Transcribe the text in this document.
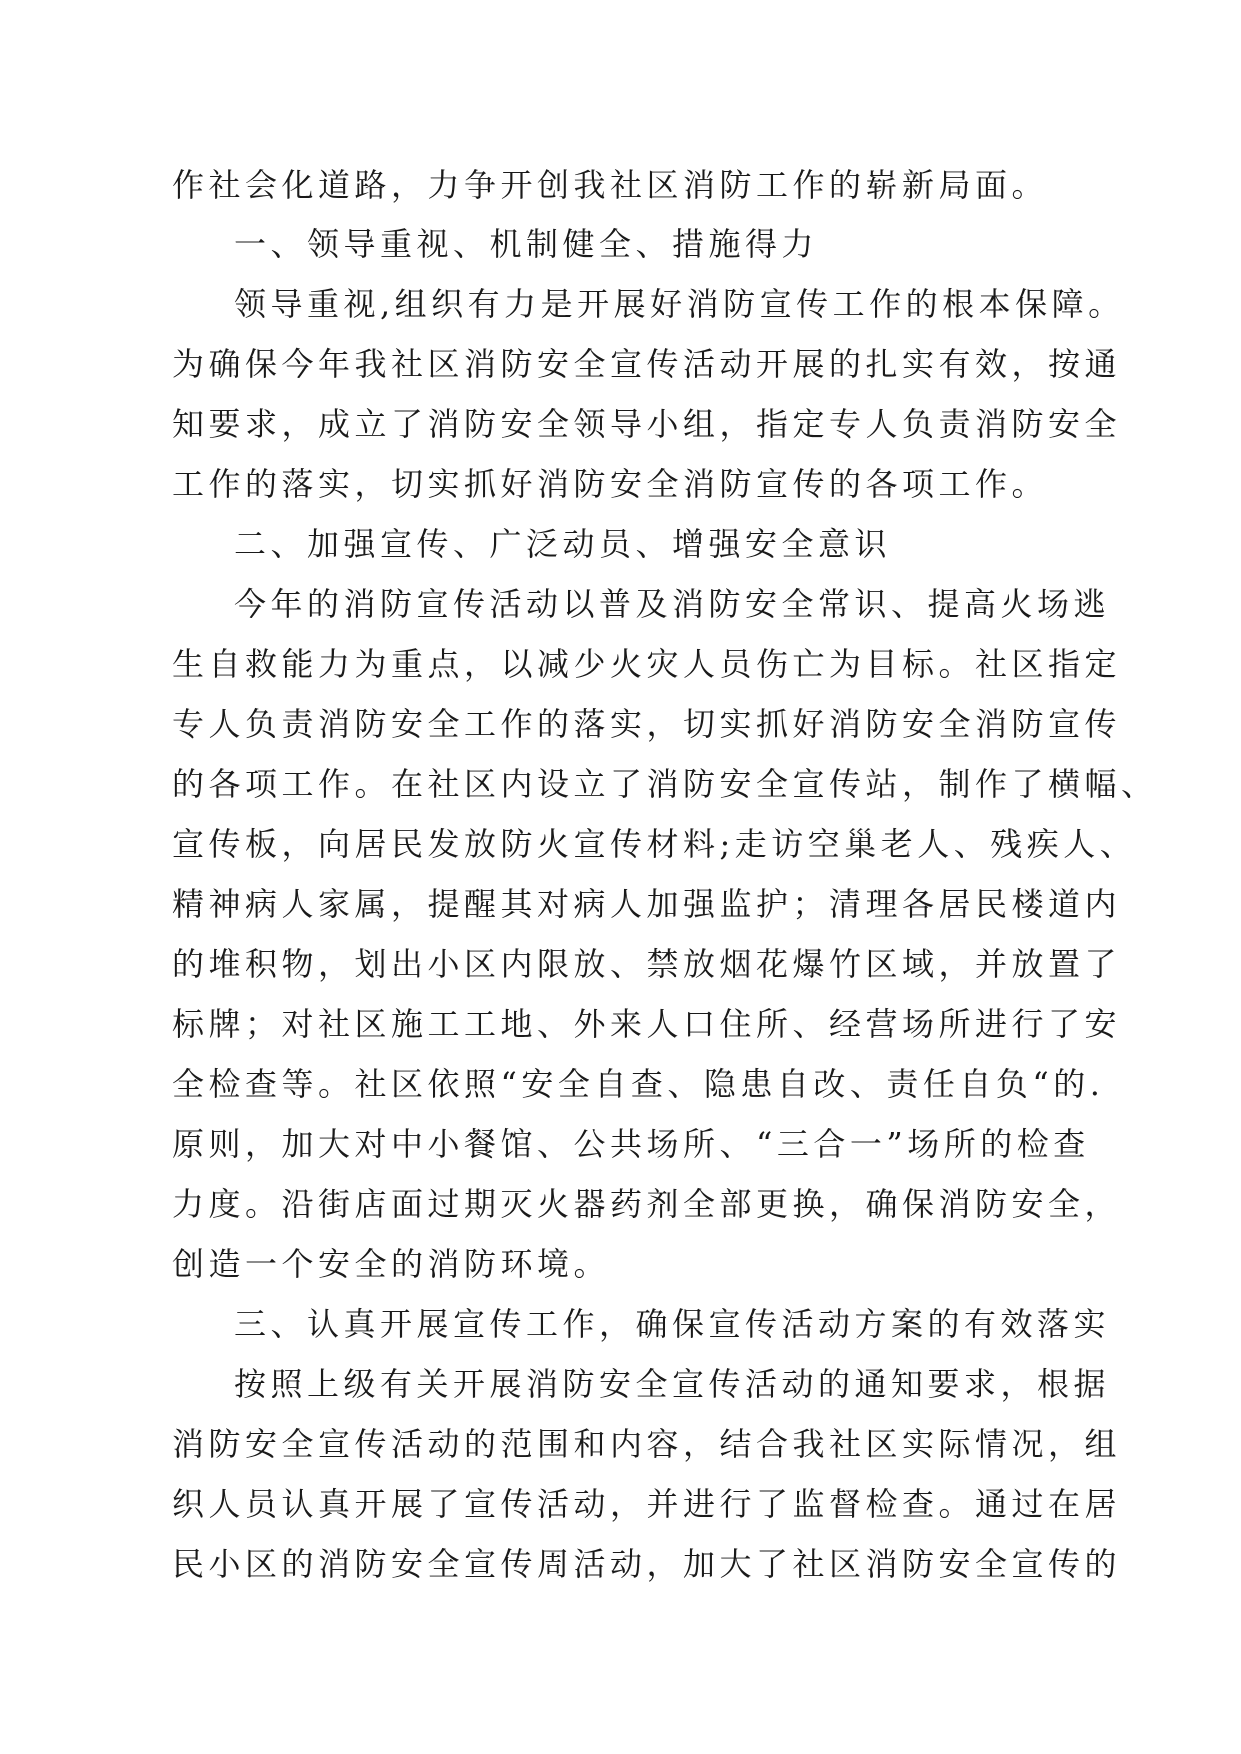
作社会化道路，力争开创我社区消防工作的崭新局面。
一、领导重视、机制健全、措施得力
领导重视,组织有力是开展好消防宣传工作的根本保障。
为确保今年我社区消防安全宣传活动开展的扎实有效，按通
知要求，成立了消防安全领导小组，指定专人负责消防安全
工作的落实，切实抓好消防安全消防宣传的各项工作。
二、加强宣传、广泛动员、增强安全意识
今年的消防宣传活动以普及消防安全常识、提高火场逃
生自救能力为重点，以减少火灾人员伤亡为目标。社区指定
专人负责消防安全工作的落实，切实抓好消防安全消防宣传
的各项工作。在社区内设立了消防安全宣传站，制作了横幅、
宣传板，向居民发放防火宣传材料;走访空巢老人、残疾人、
精神病人家属，提醒其对病人加强监护；清理各居民楼道内
的堆积物，划出小区内限放、禁放烟花爆竹区域，并放置了
标牌；对社区施工工地、外来人口住所、经营场所进行了安
全检查等。社区依照“安全自查、隐患自改、责任自负“的.
原则，加大对中小餐馆、公共场所、“三合一”场所的检查
力度。沿街店面过期灭火器药剂全部更换，确保消防安全，
创造一个安全的消防环境。
三、认真开展宣传工作，确保宣传活动方案的有效落实
按照上级有关开展消防安全宣传活动的通知要求，根据
消防安全宣传活动的范围和内容，结合我社区实际情况，组
织人员认真开展了宣传活动，并进行了监督检查。通过在居
民小区的消防安全宣传周活动，加大了社区消防安全宣传的
